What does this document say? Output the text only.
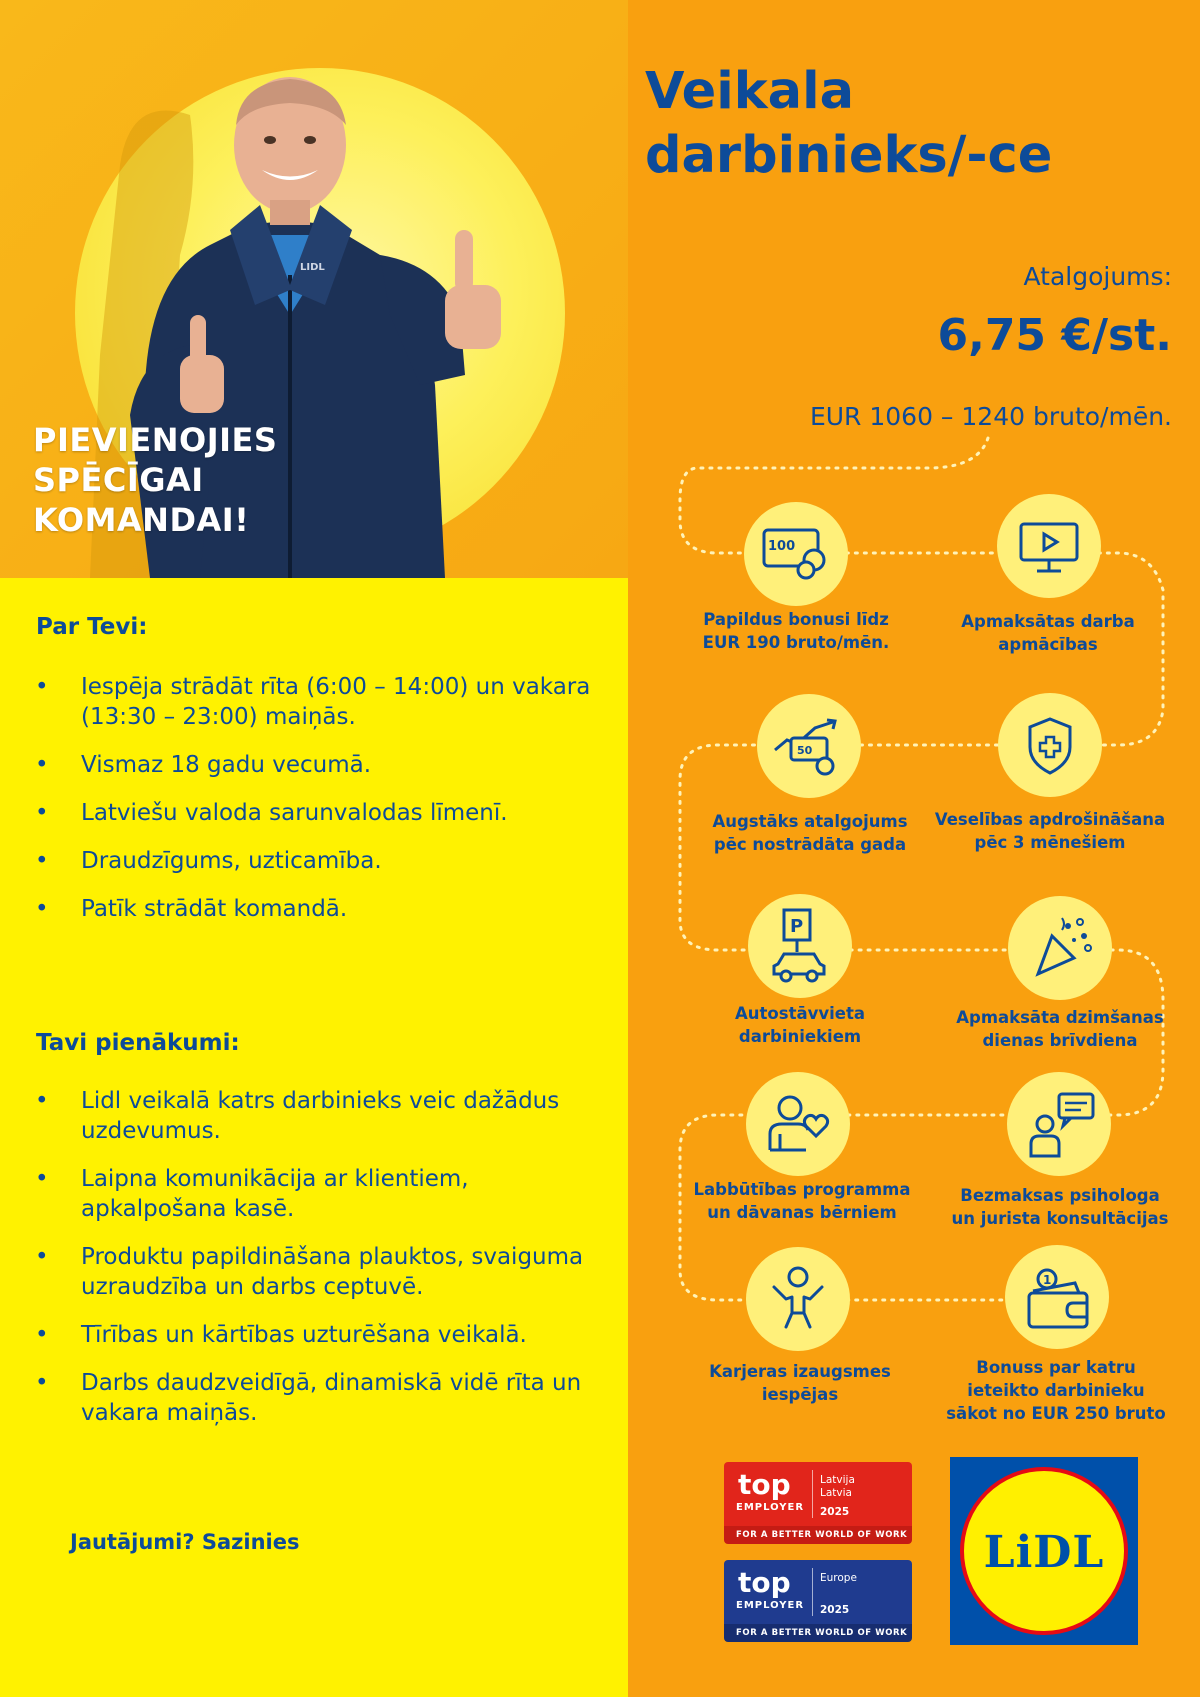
LIDL
PIEVIENOJIES
SPĒCĪGAI
KOMANDAI!
Par Tevi:
• Iespēja strādāt rīta (6:00 – 14:00) un vakara (13:30 – 23:00) maiņās.
• Vismaz 18 gadu vecumā.
• Latviešu valoda sarunvalodas līmenī.
• Draudzīgums, uzticamība.
• Patīk strādāt komandā.
Tavi pienākumi:
• Lidl veikalā katrs darbinieks veic dažādus uzdevumus.
• Laipna komunikācija ar klientiem, apkalpošana kasē.
• Produktu papildināšana plauktos, svaiguma uzraudzība un darbs ceptuvē.
• Tīrības un kārtības uzturēšana veikalā.
• Darbs daudzveidīgā, dinamiskā vidē rīta un vakara maiņās.
Jautājumi? Sazinies
Veikala
darbinieks/-ce
Atalgojums:
6,75 €/st.
EUR 1060 – 1240 bruto/mēn.
100
Papildus bonusi līdz
EUR 190 bruto/mēn.
Apmaksātas darba
apmācības
50
Augstāks atalgojums
pēc nostrādāta gada
Veselības apdrošināšana
pēc 3 mēnešiem
P
Autostāvvieta
darbiniekiem
Apmaksāta dzimšanas
dienas brīvdiena
Labbūtības programma
un dāvanas bērniem
Bezmaksas psihologa
un jurista konsultācijas
Karjeras izaugsmes
iespējas
1
Bonuss par katru
ieteikto darbinieku
sākot no EUR 250 bruto
top
EMPLOYER
Latvija
Latvia
2025
FOR A BETTER WORLD OF WORK
top
EMPLOYER
Europe
2025
FOR A BETTER WORLD OF WORK
LiDL
